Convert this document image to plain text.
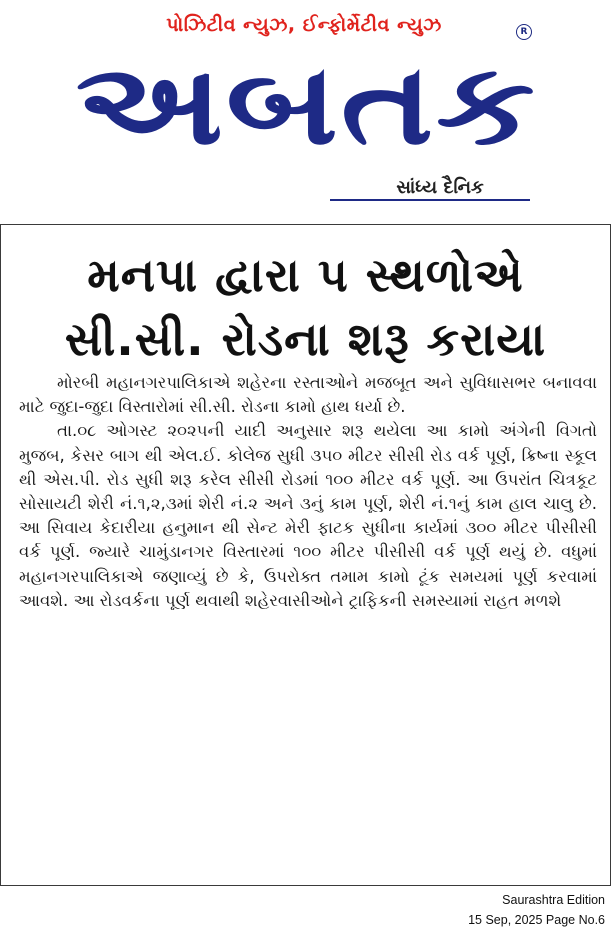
પોઝિટીવ ન્યુઝ, ઈન્ફોર્મેટીવ ન્યુઝ	R
અબતક
સાંધ્ય દૈનિક
મનપા દ્વારા પ સ્થળોએ
સી.સી. રોડના શરૂ કરાયા

મોરબી મહાનગરપાલિકાએ શહેરના રસ્તાઓને મજબૂત અને સુવિધાસભર બનાવવા માટે જુદા-જુદા વિસ્તારોમાં સી.સી. રોડના કામો હાથ ધર્યા છે.

તા.૦૮ ઓગસ્ટ ૨૦૨૫ની યાદી અનુસાર શરૂ થયેલા આ કામો અંગેની વિગતો મુજબ, કેસર બાગ થી એલ.ઈ. કોલેજ સુધી ૩૫૦ મીટર સીસી રોડ વર્ક પૂર્ણ, ક્રિષ્ના સ્કૂલ થી એસ.પી. રોડ સુધી શરૂ કરેલ સીસી રોડમાં ૧૦૦ મીટર વર્ક પૂર્ણ. આ ઉપરાંત ચિત્રકૂટ સોસાયટી શેરી નં.૧,૨,૩માં શેરી નં.૨ અને ૩નું કામ પૂર્ણ, શેરી નં.૧નું કામ હાલ ચાલુ છે. આ સિવાય કેદારીયા હનુમાન થી સેન્ટ મેરી ફાટક સુધીના કાર્યમાં ૩૦૦ મીટર પીસીસી વર્ક પૂર્ણ. જ્યારે ચામુંડાનગર વિસ્તારમાં ૧૦૦ મીટર પીસીસી વર્ક પૂર્ણ થયું છે. વધુમાં મહાનગરપાલિકાએ જણાવ્યું છે કે, ઉપરોક્ત તમામ કામો ટૂંક સમયમાં પૂર્ણ કરવામાં આવશે. આ રોડવર્કના પૂર્ણ થવાથી શહેરવાસીઓને ટ્રાફિકની સમસ્યામાં રાહત મળશે

Saurashtra Edition
15 Sep, 2025 Page No.6
